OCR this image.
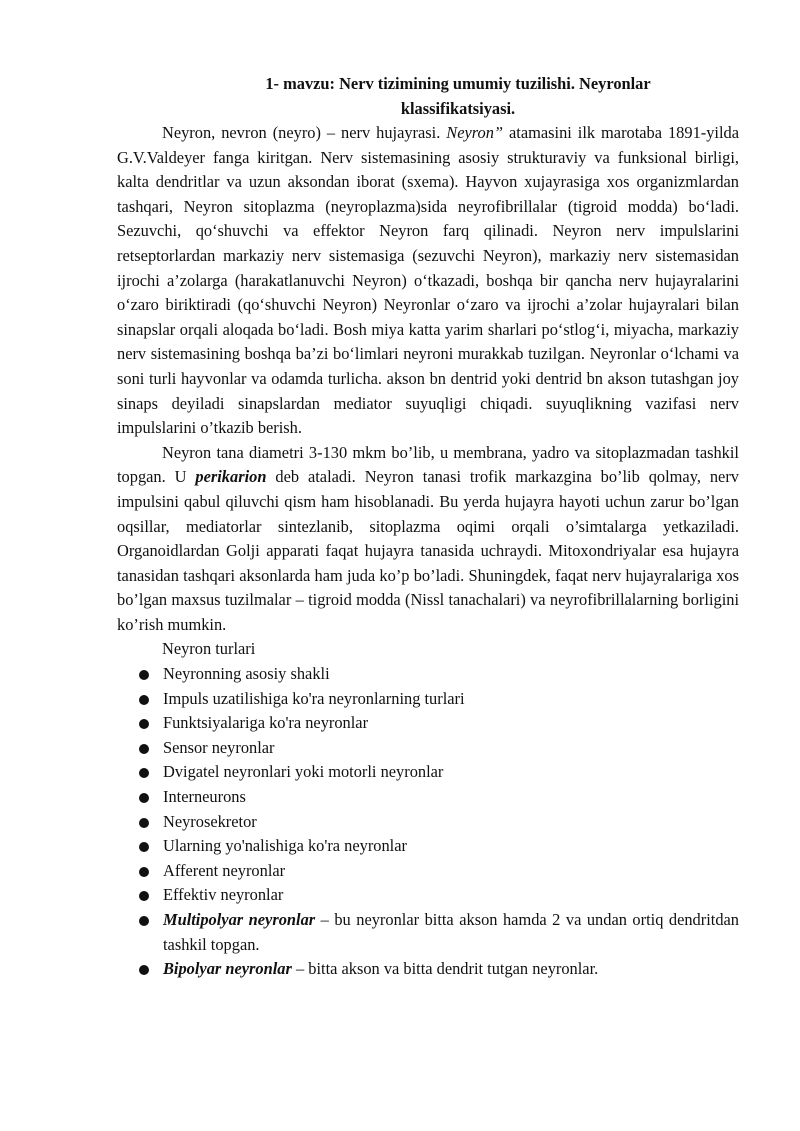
1- mavzu: Nerv tizimining umumiy tuzilishi. Neyronlar
klassifikatsiyasi.

Neyron, nevron (neyro) – nerv hujayrasi. Neyron” atamasini ilk marotaba 1891-yilda G.V.Valdeyer fanga kiritgan. Nerv sistemasining asosiy strukturaviy va funksional birligi, kalta dendritlar va uzun aksondan iborat (sxema). Hayvon xujayrasiga xos organizmlardan tashqari, Neyron sitoplazma (neyroplazma)sida neyrofibrillalar (tigroid modda) boʻladi. Sezuvchi, qoʻshuvchi va effektor Neyron farq qilinadi. Neyron nerv impulslarini retseptorlardan markaziy nerv sistemasiga (sezuvchi Neyron), markaziy nerv sistemasidan ijrochi a’zolarga (harakatlanuvchi Neyron) oʻtkazadi, boshqa bir qancha nerv hujayralarini oʻzaro biriktiradi (qoʻshuvchi Neyron) Neyronlar oʻzaro va ijrochi a’zolar hujayralari bilan sinapslar orqali aloqada boʻladi. Bosh miya katta yarim sharlari poʻstlogʻi, miyacha, markaziy nerv sistemasining boshqa ba’zi boʻlimlari neyroni murakkab tuzilgan. Neyronlar oʻlchami va soni turli hayvonlar va odamda turlicha. akson bn dentrid yoki dentrid bn akson tutashgan joy sinaps deyiladi sinapslardan mediator suyuqligi chiqadi. suyuqlikning vazifasi nerv impulslarini o’tkazib berish.

Neyron tana diametri 3-130 mkm bo’lib, u membrana, yadro va sitoplazmadan tashkil topgan. U perikarion deb ataladi. Neyron tanasi trofik markazgina bo’lib qolmay, nerv impulsini qabul qiluvchi qism ham hisoblanadi. Bu yerda hujayra hayoti uchun zarur bo’lgan oqsillar, mediatorlar sintezlanib, sitoplazma oqimi orqali o’simtalarga yetkaziladi. Organoidlardan Golji apparati faqat hujayra tanasida uchraydi. Mitoxondriyalar esa hujayra tanasidan tashqari aksonlarda ham juda ko’p bo’ladi. Shuningdek, faqat nerv hujayralariga xos bo’lgan maxsus tuzilmalar – tigroid modda (Nissl tanachalari) va neyrofibrillalarning borligini ko’rish mumkin.

Neyron turlari

Neyronning asosiy shakli
Impuls uzatilishiga ko'ra neyronlarning turlari
Funktsiyalariga ko'ra neyronlar
Sensor neyronlar
Dvigatel neyronlari yoki motorli neyronlar
Interneurons
Neyrosekretor
Ularning yo'nalishiga ko'ra neyronlar
Afferent neyronlar
Effektiv neyronlar
Multipolyar neyronlar – bu neyronlar bitta akson hamda 2 va undan ortiq dendritdan tashkil topgan.
Bipolyar neyronlar – bitta akson va bitta dendrit tutgan neyronlar.
